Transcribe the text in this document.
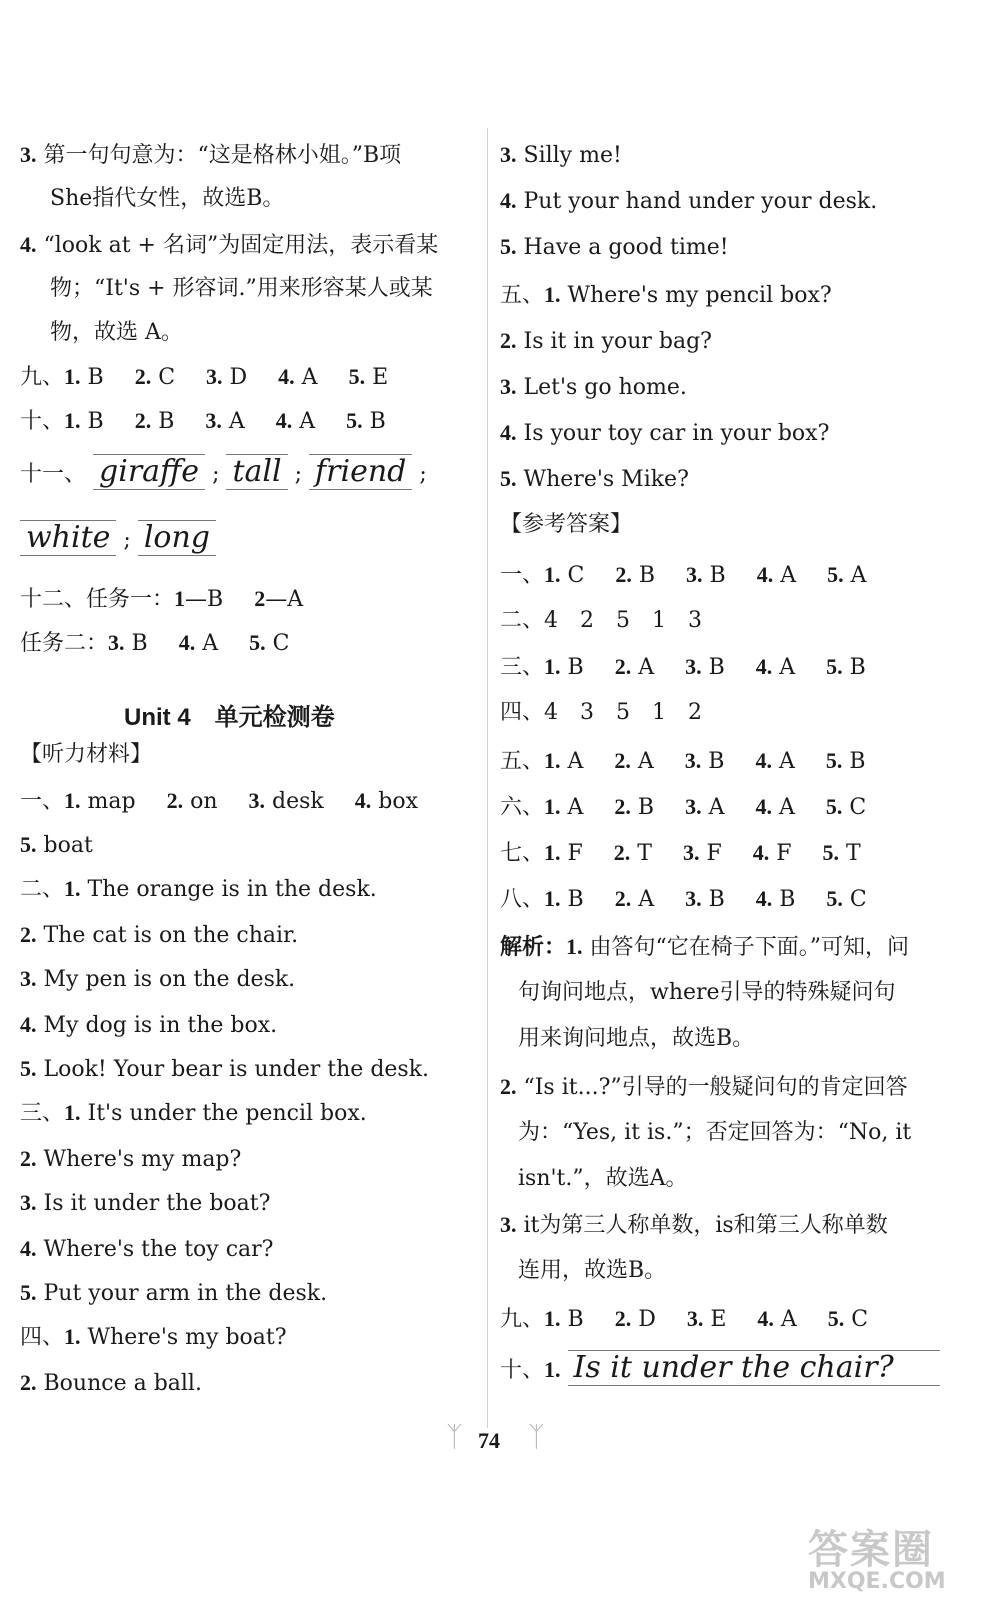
3. 第一句句意为：“这是格林小姐。”B项
She指代女性，故选B。
4. “look at + 名词”为固定用法，表示看某
物；“It's + 形容词.”用来形容某人或某
物，故选 A。
九、1. B 2. C 3. D 4. A 5. E
十、1. B 2. B 3. A 4. A 5. B
十一、 giraffe ; tall ; friend ;
white ; long
十二、任务一：1—B 2—A
任务二：3. B 4. A 5. C
Unit 4　单元检测卷
【听力材料】
一、1. map 2. on 3. desk 4. box
5. boat
二、1. The orange is in the desk.
2. The cat is on the chair.
3. My pen is on the desk.
4. My dog is in the box.
5. Look! Your bear is under the desk.
三、1. It's under the pencil box.
2. Where's my map?
3. Is it under the boat?
4. Where's the toy car?
5. Put your arm in the desk.
四、1. Where's my boat?
2. Bounce a ball.
3. Silly me!
4. Put your hand under your desk.
5. Have a good time!
五、1. Where's my pencil box?
2. Is it in your bag?
3. Let's go home.
4. Is your toy car in your box?
5. Where's Mike?
【参考答案】
一、1. C 2. B 3. B 4. A 5. A
二、4　2　5　1　3
三、1. B 2. A 3. B 4. A 5. B
四、4　3　5　1　2
五、1. A 2. A 3. B 4. A 5. B
六、1. A 2. B 3. A 4. A 5. C
七、1. F 2. T 3. F 4. F 5. T
八、1. B 2. A 3. B 4. B 5. C
解析：1. 由答句“它在椅子下面。”可知，问
句询问地点，where引导的特殊疑问句
用来询问地点，故选B。
2. “Is it...?”引导的一般疑问句的肯定回答
为：“Yes, it is.”；否定回答为：“No, it
isn't.”，故选A。
3. it为第三人称单数，is和第三人称单数
连用，故选B。
九、1. B 2. D 3. E 4. A 5. C
十、1. Is it under the chair?
ᛉ 74 ᛉ
答案圈
MXQE.COM
